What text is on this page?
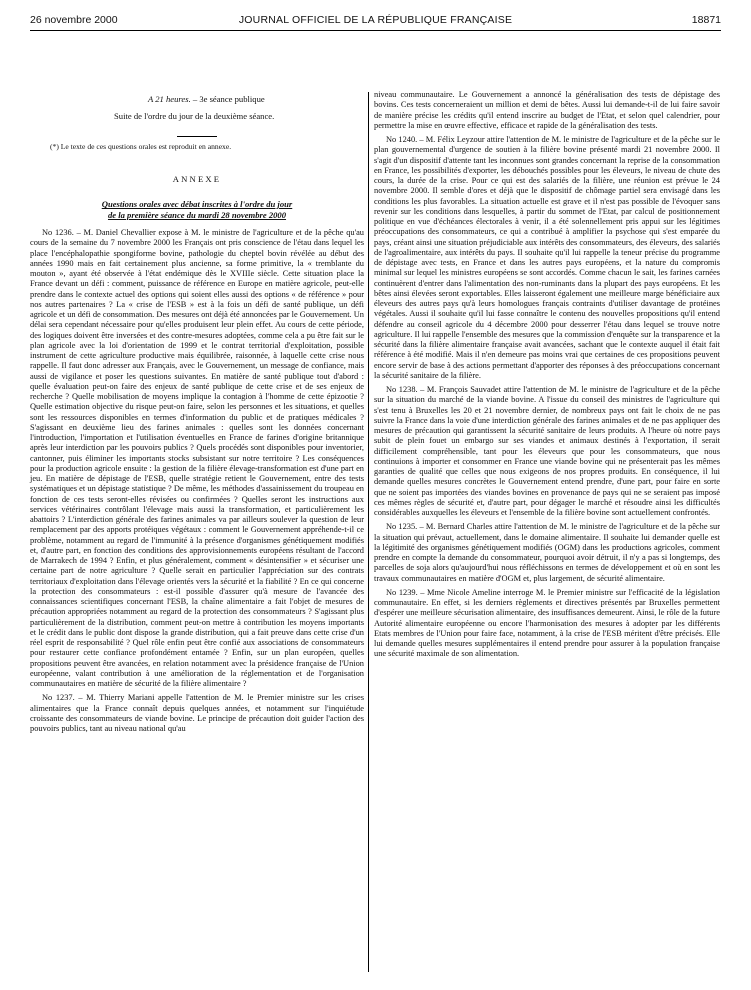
26 novembre 2000	JOURNAL OFFICIEL DE LA RÉPUBLIQUE FRANÇAISE	18871
A 21 heures. – 3e séance publique
Suite de l'ordre du jour de la deuxième séance.
(*) Le texte de ces questions orales est reproduit en annexe.
ANNEXE
Questions orales avec débat inscrites à l'ordre du jour
de la première séance du mardi 28 novembre 2000

No 1236. – M. Daniel Chevallier expose à M. le ministre de l'agriculture et de la pêche qu'au cours de la semaine du 7 novembre 2000 les Français ont pris conscience de l'étau dans lequel les place l'encéphalopathie spongiforme bovine, pathologie du cheptel bovin révélée au début des années 1990 mais en fait certainement plus ancienne, sa forme primitive, la « tremblante du mouton », ayant été observée à l'état endémique dès le XVIIIe siècle. Cette situation place la France devant un défi : comment, puissance de référence en Europe en matière agricole, peut-elle prendre dans le contexte actuel des options qui soient elles aussi des options « de référence » pour nos autres partenaires ? La « crise de l'ESB » est à la fois un défi de santé publique, un défi agricole et un défi de consommation. Des mesures ont déjà été annoncées par le Gouvernement. Un délai sera cependant nécessaire pour qu'elles produisent leur plein effet. Au cours de cette période, des logiques doivent être inversées et des contre-mesures adoptées, comme cela a pu être fait sur le plan agricole avec la loi d'orientation de 1999 et le contrat territorial d'exploitation, possible instrument de cette agriculture productive mais équilibrée, raisonnée, à laquelle cette crise nous rappelle. Il faut donc adresser aux Français, avec le Gouvernement, un message de confiance, mais aussi de vigilance et poser les questions suivantes. En matière de santé publique tout d'abord : quelle évaluation peut-on faire des enjeux de santé publique de cette crise et de ses enjeux de recherche ? Quelle mobilisation de moyens implique la contagion à l'homme de cette épizootie ? Quelle estimation objective du risque peut-on faire, selon les personnes et les situations, et quelles sont les ressources disponibles en termes d'information du public et de pratiques médicales ? S'agissant en deuxième lieu des farines animales : quelles sont les données concernant l'introduction, l'importation et l'utilisation éventuelles en France de farines d'origine britannique après leur interdiction par les pouvoirs publics ? Quels procédés sont disponibles pour inventorier, cantonner, puis éliminer les importants stocks subsistant sur notre territoire ? Les conséquences pour la production agricole ensuite : la gestion de la filière élevage-transformation est d'une part en jeu. En matière de dépistage de l'ESB, quelle stratégie retient le Gouvernement, entre des tests systématiques et un dépistage statistique ? De même, les méthodes d'assainissement du troupeau en fonction de ces tests seront-elles révisées ou confirmées ? Quelles seront les instructions aux services vétérinaires contrôlant l'élevage mais aussi la transformation, et particulièrement les abattoirs ? L'interdiction générale des farines animales va par ailleurs soulever la question de leur remplacement par des apports protéiques végétaux : comment le Gouvernement appréhende-t-il ce problème, notamment au regard de l'immunité à la présence d'organismes génétiquement modifiés et, d'autre part, en fonction des conditions des approvisionnements européens résultant de l'accord de Marrakech de 1994 ? Enfin, et plus généralement, comment « désintensifier » et sécuriser une certaine part de notre agriculture ? Quelle serait en particulier l'appréciation sur des contrats territoriaux d'exploitation dans l'élevage orientés vers la sécurité et la fiabilité ? En ce qui concerne la protection des consommateurs : est-il possible d'assurer qu'à mesure de l'avancée des connaissances scientifiques concernant l'ESB, la chaîne alimentaire a fait l'objet de mesures de précaution appropriées notamment au regard de la protection des consommateurs ? S'agissant plus particulièrement de la distribution, comment peut-on mettre à contribution les moyens importants et le crédit dans le public dont dispose la grande distribution, qui a fait preuve dans cette crise d'un réel esprit de responsabilité ? Quel rôle enfin peut être confié aux associations de consommateurs pour restaurer cette confiance profondément entamée ? Enfin, sur un plan européen, quelles propositions peuvent être avancées, en relation notamment avec la présidence française de l'Union européenne, valant contribution à une amélioration de la réglementation et de l'organisation communautaires en matière de sécurité de la filière alimentaire ?

No 1237. – M. Thierry Mariani appelle l'attention de M. le Premier ministre sur les crises alimentaires que la France connaît depuis quelques années, et notamment sur l'inquiétude croissante des consommateurs de viande bovine. Le principe de précaution doit guider l'action des pouvoirs publics, tant au niveau national qu'au

niveau communautaire. Le Gouvernement a annoncé la généralisation des tests de dépistage des bovins. Ces tests concerneraient un million et demi de bêtes. Aussi lui demande-t-il de lui faire savoir de manière précise les crédits qu'il entend inscrire au budget de l'Etat, et selon quel calendrier, pour permettre la mise en œuvre effective, efficace et rapide de la généralisation des tests.

No 1240. – M. Félix Leyzour attire l'attention de M. le ministre de l'agriculture et de la pêche sur le plan gouvernemental d'urgence de soutien à la filière bovine présenté mardi 21 novembre 2000. Il s'agit d'un dispositif d'attente tant les inconnues sont grandes concernant la reprise de la consommation en France, les possibilités d'exporter, les débouchés possibles pour les éleveurs, le niveau de chute des cours, la durée de la crise. Pour ce qui est des salariés de la filière, une réunion est prévue le 24 novembre 2000. Il semble d'ores et déjà que le dispositif de chômage partiel sera envisagé dans les conditions les plus favorables. La situation actuelle est grave et il n'est pas possible de l'évoquer sans revenir sur les conditions dans lesquelles, à partir du sommet de l'Etat, par calcul de positionnement politique en vue d'échéances électorales à venir, il a été solennellement pris appui sur les légitimes préoccupations des consommateurs, ce qui a contribué à amplifier la psychose qui s'est emparée du pays, créant ainsi une situation préjudiciable aux intérêts des consommateurs, des éleveurs, des salariés de l'agroalimentaire, aux intérêts du pays. Il souhaite qu'il lui rappelle la teneur précise du programme de dépistage avec tests, en France et dans les autres pays européens, et la nature du compromis minimal sur lequel les ministres européens se sont accordés. Comme chacun le sait, les farines carnées continuèrent d'entrer dans l'alimentation des non-ruminants dans la plupart des pays européens. Et les bêtes ainsi élevées seront exportables. Elles laisseront également une meilleure marge bénéficiaire aux éleveurs des autres pays qu'à leurs homologues français contraints d'utiliser davantage de protéines végétales. Aussi il souhaite qu'il lui fasse connaître le contenu des nouvelles propositions qu'il entend défendre au conseil agricole du 4 décembre 2000 pour desserrer l'étau dans lequel se trouve notre agriculture. Il lui rappelle l'ensemble des mesures que la commission d'enquête sur la transparence et la sécurité dans la filière alimentaire française avait avancées, sachant que le contexte auquel il était fait référence à été modifié. Mais il n'en demeure pas moins vrai que certaines de ces propositions peuvent encore servir de base à des actions permettant d'apporter des réponses à des préoccupations concernant la sécurité sanitaire de la filière.

No 1238. – M. François Sauvadet attire l'attention de M. le ministre de l'agriculture et de la pêche sur la situation du marché de la viande bovine. A l'issue du conseil des ministres de l'agriculture qui s'est tenu à Bruxelles les 20 et 21 novembre dernier, de nombreux pays ont fait le choix de ne pas suivre la France dans la voie d'une interdiction générale des farines animales et de ne pas appliquer des mesures de précaution qui garantissent la sécurité sanitaire de leurs produits. A l'heure où notre pays subit de plein fouet un embargo sur ses viandes et animaux destinés à l'exportation, il serait difficilement compréhensible, tant pour les éleveurs que pour les consommateurs, que nous continuions à importer et consommer en France une viande bovine qui ne présenterait pas les mêmes garanties de qualité que celles que nous exigeons de nos propres produits. En conséquence, il lui demande quelles mesures concrètes le Gouvernement entend prendre, d'une part, pour faire en sorte que ne soient pas importées des viandes bovines en provenance de pays qui ne se seraient pas imposé ces mêmes règles de sécurité et, d'autre part, pour dégager le marché et résoudre ainsi les difficultés considérables auxquelles les éleveurs et l'ensemble de la filière bovine sont actuellement confrontés.

No 1235. – M. Bernard Charles attire l'attention de M. le ministre de l'agriculture et de la pêche sur la situation qui prévaut, actuellement, dans le domaine alimentaire. Il souhaite lui demander quelle est la légitimité des organismes génétiquement modifiés (OGM) dans les productions agricoles, comment prendre en compte la demande du consommateur, pourquoi avoir détruit, il n'y a pas si longtemps, des parcelles de soja alors qu'aujourd'hui nous réfléchissons en termes de développement et où en sont les travaux communautaires en matière d'OGM et, plus largement, de sécurité alimentaire.

No 1239. – Mme Nicole Ameline interroge M. le Premier ministre sur l'efficacité de la législation communautaire. En effet, si les derniers règlements et directives présentés par Bruxelles permettent d'espérer une meilleure sécurisation alimentaire, des insuffisances demeurent. Ainsi, le rôle de la future Autorité alimentaire européenne ou encore l'harmonisation des mesures à adopter par les différents Etats membres de l'Union pour faire face, notamment, à la crise de l'ESB méritent d'être précisés. Elle lui demande quelles mesures supplémentaires il entend prendre pour assurer à la population française une sécurité maximale de son alimentation.
